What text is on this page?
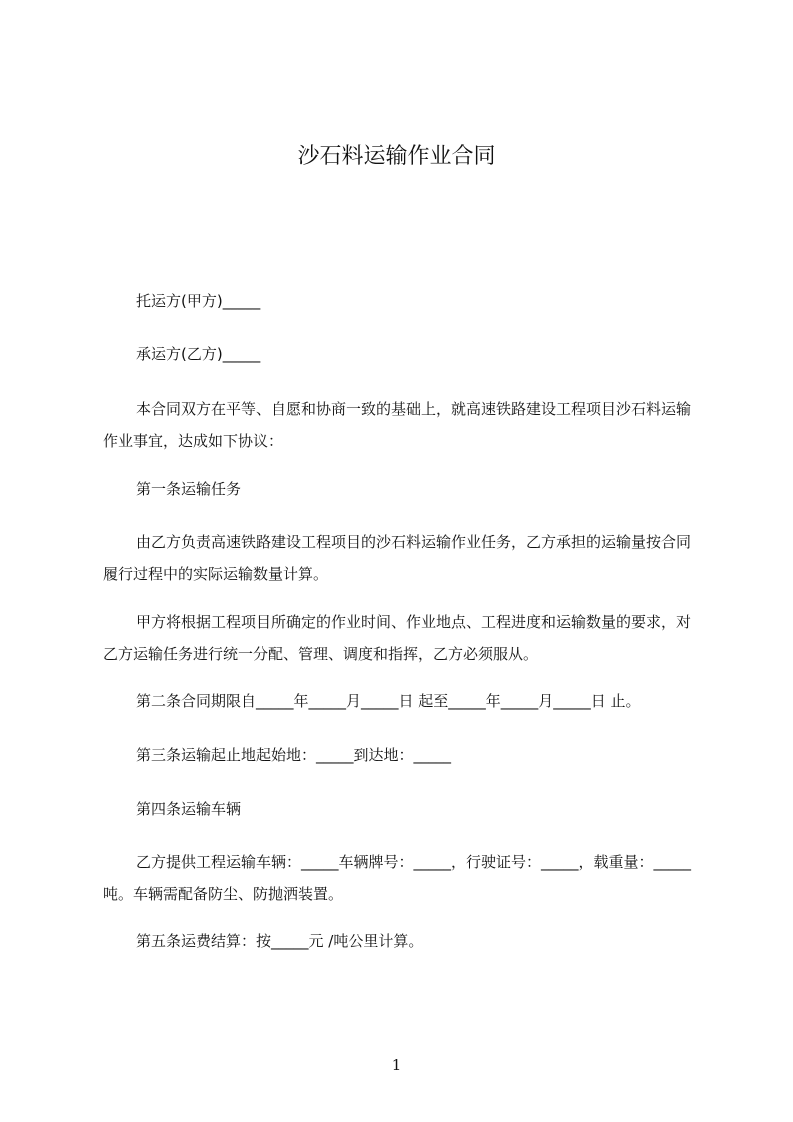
沙石料运输作业合同
托运方(甲方)_____
承运方(乙方)_____
本合同双方在平等、自愿和协商一致的基础上，就高速铁路建设工程项目沙石料运输作业事宜，达成如下协议：
第一条运输任务
由乙方负责高速铁路建设工程项目的沙石料运输作业任务，乙方承担的运输量按合同履行过程中的实际运输数量计算。
甲方将根据工程项目所确定的作业时间、作业地点、工程进度和运输数量的要求，对乙方运输任务进行统一分配、管理、调度和指挥，乙方必须服从。
第二条合同期限自_____年_____月_____日 起至_____年_____月_____日 止。
第三条运输起止地起始地：_____到达地：_____
第四条运输车辆
乙方提供工程运输车辆：_____车辆牌号：_____，行驶证号：_____，载重量：_____吨。车辆需配备防尘、防抛洒装置。
第五条运费结算：按_____元 /吨公里计算。
1
